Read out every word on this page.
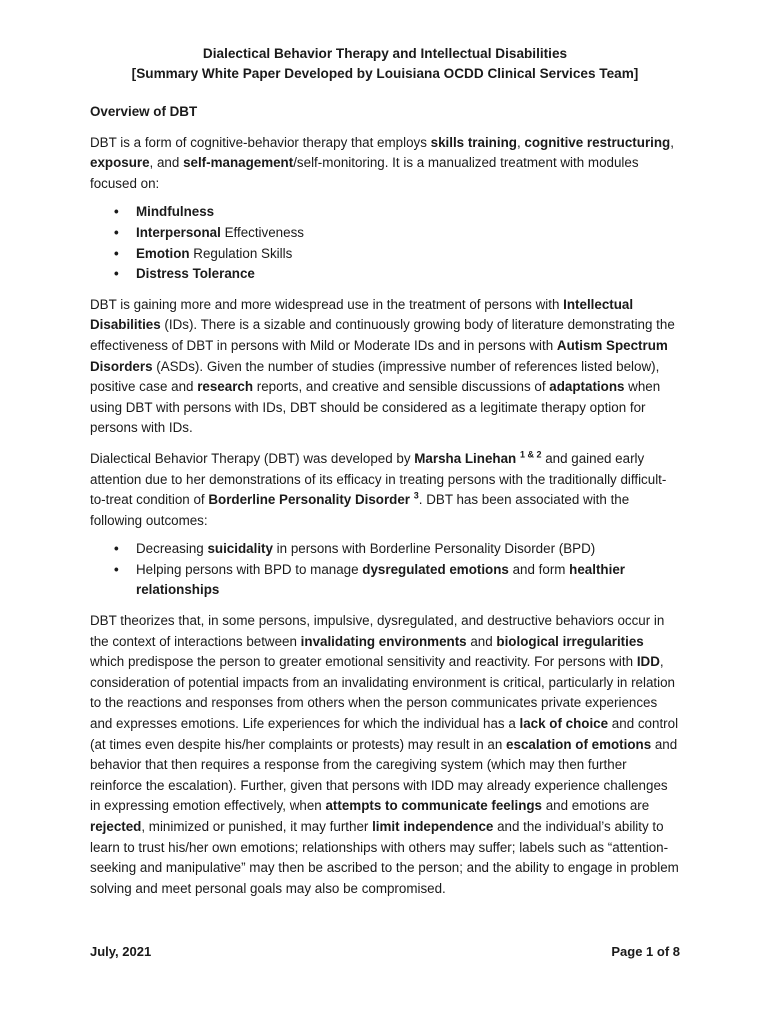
Dialectical Behavior Therapy and Intellectual Disabilities
[Summary White Paper Developed by Louisiana OCDD Clinical Services Team]
Overview of DBT

DBT is a form of cognitive-behavior therapy that employs skills training, cognitive restructuring, exposure, and self-management/self-monitoring. It is a manualized treatment with modules focused on:

• Mindfulness
• Interpersonal Effectiveness
• Emotion Regulation Skills
• Distress Tolerance

DBT is gaining more and more widespread use in the treatment of persons with Intellectual Disabilities (IDs). There is a sizable and continuously growing body of literature demonstrating the effectiveness of DBT in persons with Mild or Moderate IDs and in persons with Autism Spectrum Disorders (ASDs). Given the number of studies (impressive number of references listed below), positive case and research reports, and creative and sensible discussions of adaptations when using DBT with persons with IDs, DBT should be considered as a legitimate therapy option for persons with IDs.

Dialectical Behavior Therapy (DBT) was developed by Marsha Linehan $^{1 \& 2}$ and gained early attention due to her demonstrations of its efficacy in treating persons with the traditionally difficult-to-treat condition of Borderline Personality Disorder $^3$. DBT has been associated with the following outcomes:

• Decreasing suicidality in persons with Borderline Personality Disorder (BPD)
• Helping persons with BPD to manage dysregulated emotions and form healthier relationships

DBT theorizes that, in some persons, impulsive, dysregulated, and destructive behaviors occur in the context of interactions between invalidating environments and biological irregularities which predispose the person to greater emotional sensitivity and reactivity. For persons with IDD, consideration of potential impacts from an invalidating environment is critical, particularly in relation to the reactions and responses from others when the person communicates private experiences and expresses emotions. Life experiences for which the individual has a lack of choice and control (at times even despite his/her complaints or protests) may result in an escalation of emotions and behavior that then requires a response from the caregiving system (which may then further reinforce the escalation). Further, given that persons with IDD may already experience challenges in expressing emotion effectively, when attempts to communicate feelings and emotions are rejected, minimized or punished, it may further limit independence and the individual’s ability to learn to trust his/her own emotions; relationships with others may suffer; labels such as “attention-seeking and manipulative” may then be ascribed to the person; and the ability to engage in problem solving and meet personal goals may also be compromised.

July, 2021	Page 1 of 8
